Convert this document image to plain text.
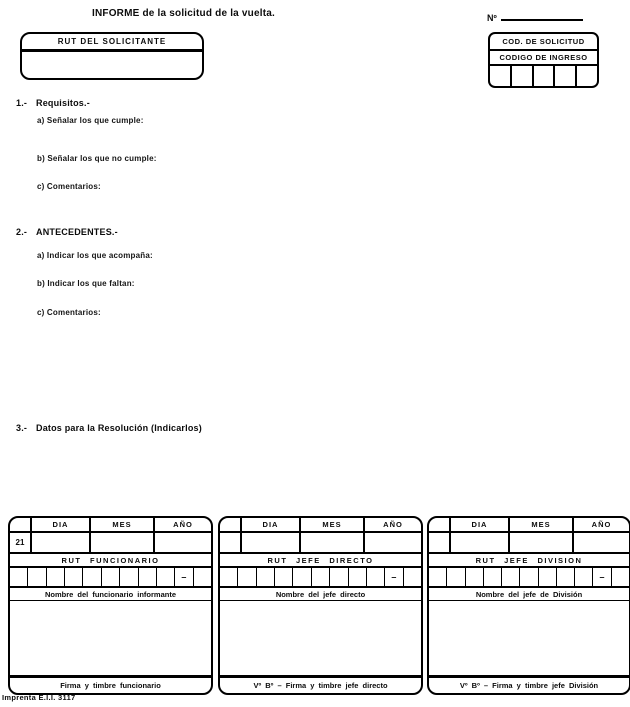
INFORME de la solicitud de la vuelta.	Nº
RUT DEL SOLICITANTE	COD. DE SOLICITUD
CODIGO DE INGRESO
1.- Requisitos.-
a) Señalar los que cumple:
b) Señalar los que no cumple:
c) Comentarios:
2.- ANTECEDENTES.-
a) Indicar los que acompaña:
b) Indicar los que faltan:
c) Comentarios:
3.- Datos para la Resolución (Indicarlos)
DIA	MES	AÑO
21
RUT FUNCIONARIO
–
Nombre del funcionario informante
Firma y timbre funcionario
DIA	MES	AÑO
RUT JEFE DIRECTO
–
Nombre del jefe directo
Vº Bº – Firma y timbre jefe directo
DIA	MES	AÑO
RUT JEFE DIVISION
–
Nombre del jefe de División
Vº Bº – Firma y timbre jefe División
Imprenta E.I.I. 3117
